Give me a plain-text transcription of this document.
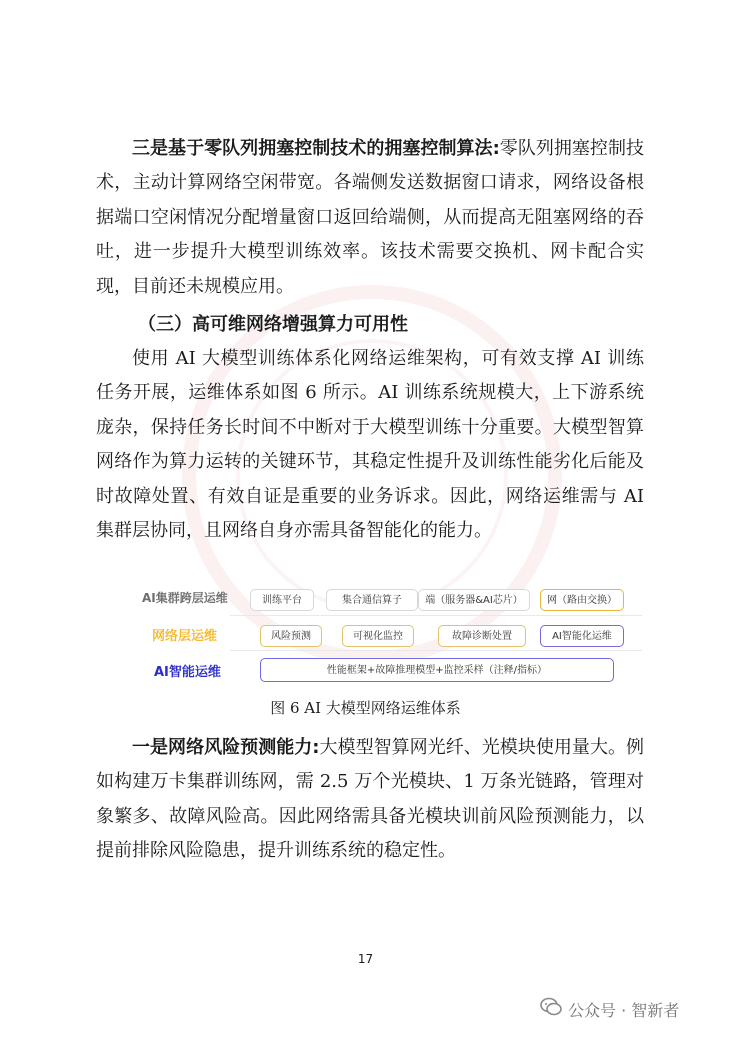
三是基于零队列拥塞控制技术的拥塞控制算法:零队列拥塞控制技术，主动计算网络空闲带宽。各端侧发送数据窗口请求，网络设备根据端口空闲情况分配增量窗口返回给端侧，从而提高无阻塞网络的吞吐，进一步提升大模型训练效率。该技术需要交换机、网卡配合实现，目前还未规模应用。

（三）高可维网络增强算力可用性

使用 AI 大模型训练体系化网络运维架构，可有效支撑 AI 训练任务开展，运维体系如图 6 所示。AI 训练系统规模大，上下游系统庞杂，保持任务长时间不中断对于大模型训练十分重要。大模型智算网络作为算力运转的关键环节，其稳定性提升及训练性能劣化后能及时故障处置、有效自证是重要的业务诉求。因此，网络运维需与 AI 集群层协同，且网络自身亦需具备智能化的能力。

AI集群跨层运维	训练平台	集合通信算子	端（服务器&AI芯片）	网（路由交换）
网络层运维	风险预测	可视化监控	故障诊断处置	AI智能化运维
AI智能运维	性能框架+故障推理模型+监控采样（注释/指标）
图 6 AI 大模型网络运维体系

一是网络风险预测能力:大模型智算网光纤、光模块使用量大。例如构建万卡集群训练网，需 2.5 万个光模块、1 万条光链路，管理对象繁多、故障风险高。因此网络需具备光模块训前风险预测能力，以提前排除风险隐患，提升训练系统的稳定性。

17
公众号 · 智新者
